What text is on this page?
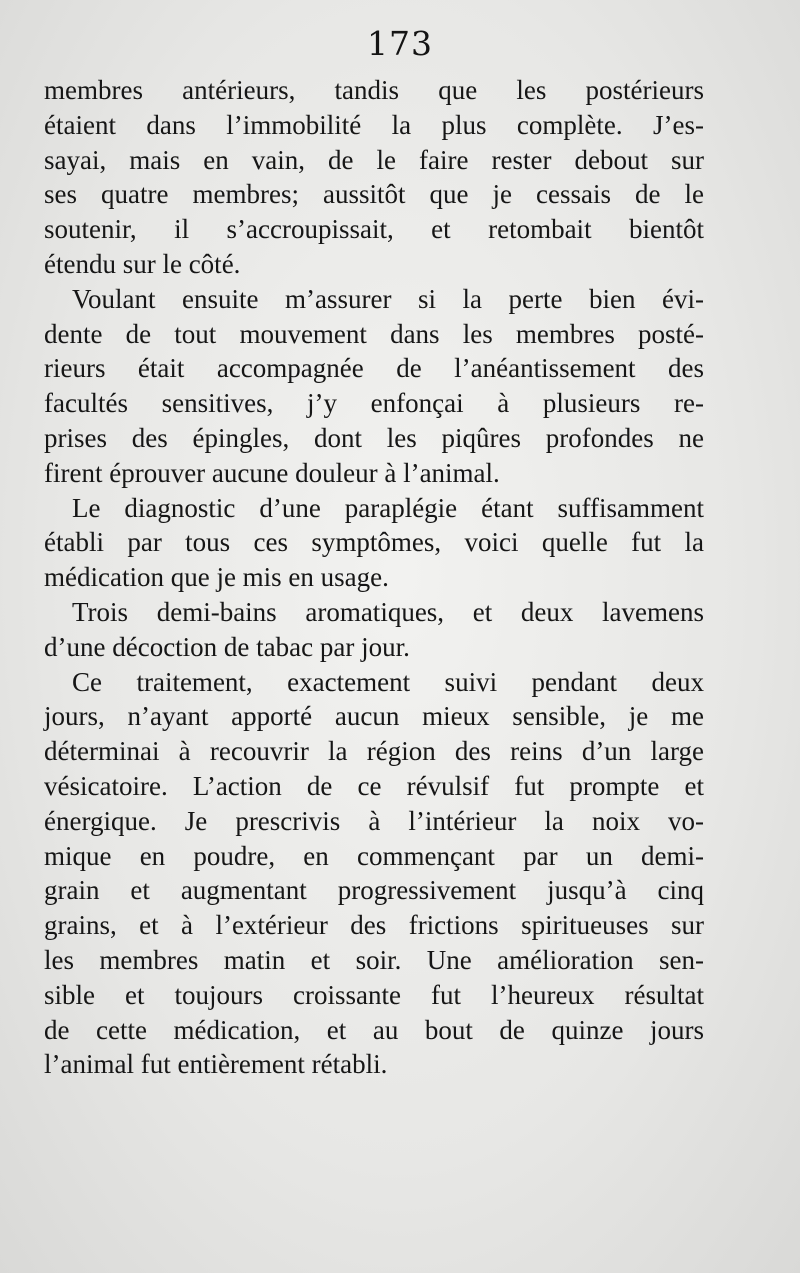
173
membres antérieurs, tandis que les postérieurs
étaient dans l’immobilité la plus complète. J’es-
sayai, mais en vain, de le faire rester debout sur
ses quatre membres; aussitôt que je cessais de le
soutenir, il s’accroupissait, et retombait bientôt
étendu sur le côté.
Voulant ensuite m’assurer si la perte bien évi-
dente de tout mouvement dans les membres posté-
rieurs était accompagnée de l’anéantissement des
facultés sensitives, j’y enfonçai à plusieurs re-
prises des épingles, dont les piqûres profondes ne
firent éprouver aucune douleur à l’animal.
Le diagnostic d’une paraplégie étant suffisamment
établi par tous ces symptômes, voici quelle fut la
médication que je mis en usage.
Trois demi-bains aromatiques, et deux lavemens
d’une décoction de tabac par jour.
Ce traitement, exactement suivi pendant deux
jours, n’ayant apporté aucun mieux sensible, je me
déterminai à recouvrir la région des reins d’un large
vésicatoire. L’action de ce révulsif fut prompte et
énergique. Je prescrivis à l’intérieur la noix vo-
mique en poudre, en commençant par un demi-
grain et augmentant progressivement jusqu’à cinq
grains, et à l’extérieur des frictions spiritueuses sur
les membres matin et soir. Une amélioration sen-
sible et toujours croissante fut l’heureux résultat
de cette médication, et au bout de quinze jours
l’animal fut entièrement rétabli.
